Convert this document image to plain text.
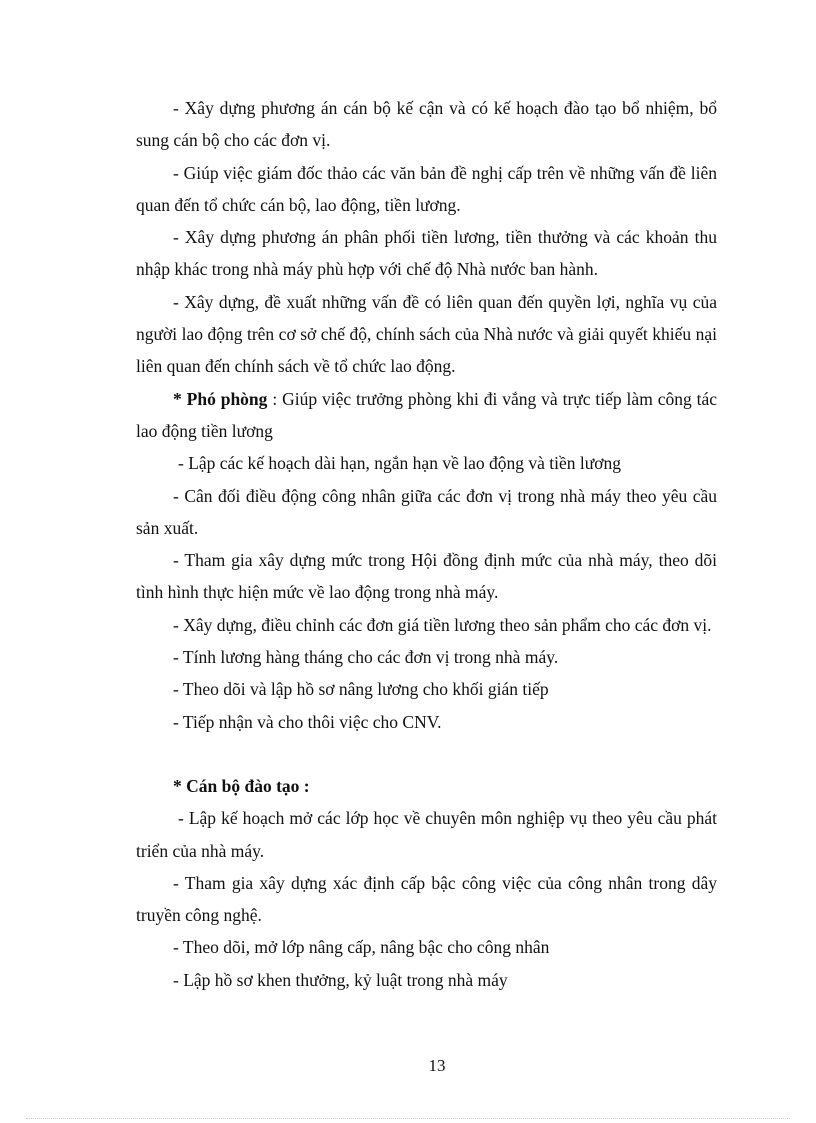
- Xây dựng phương án cán bộ kế cận và có kế hoạch đào tạo bổ nhiệm, bổ sung cán bộ cho các đơn vị.

- Giúp việc giám đốc thảo các văn bản đề nghị cấp trên về những vấn đề liên quan đến tổ chức cán bộ, lao động, tiền lương.

- Xây dựng phương án phân phối tiền lương, tiền thưởng và các khoản thu nhập khác trong nhà máy phù hợp với chế độ Nhà nước ban hành.

- Xây dựng, đề xuất những vấn đề có liên quan đến quyền lợi, nghĩa vụ của người lao động trên cơ sở chế độ, chính sách của Nhà nước và giải quyết khiếu nại liên quan đến chính sách về tổ chức lao động.

* Phó phòng : Giúp việc trưởng phòng khi đi vắng và trực tiếp làm công tác lao động tiền lương

- Lập các kế hoạch dài hạn, ngắn hạn về lao động và tiền lương

- Cân đối điều động công nhân giữa các đơn vị trong nhà máy theo yêu cầu sản xuất.

- Tham gia xây dựng mức trong Hội đồng định mức của nhà máy, theo dõi tình hình thực hiện mức về lao động trong nhà máy.

- Xây dựng, điều chỉnh các đơn giá tiền lương theo sản phẩm cho các đơn vị.

- Tính lương hàng tháng cho các đơn vị trong nhà máy.

- Theo dõi và lập hồ sơ nâng lương cho khối gián tiếp

- Tiếp nhận và cho thôi việc cho CNV.

* Cán bộ đào tạo :

- Lập kế hoạch mở các lớp học về chuyên môn nghiệp vụ theo yêu cầu phát triển của nhà máy.

- Tham gia xây dựng xác định cấp bậc công việc của công nhân trong dây truyền công nghệ.

- Theo dõi, mở lớp nâng cấp, nâng bậc cho công nhân

- Lập hồ sơ khen thưởng, kỷ luật trong nhà máy

13
